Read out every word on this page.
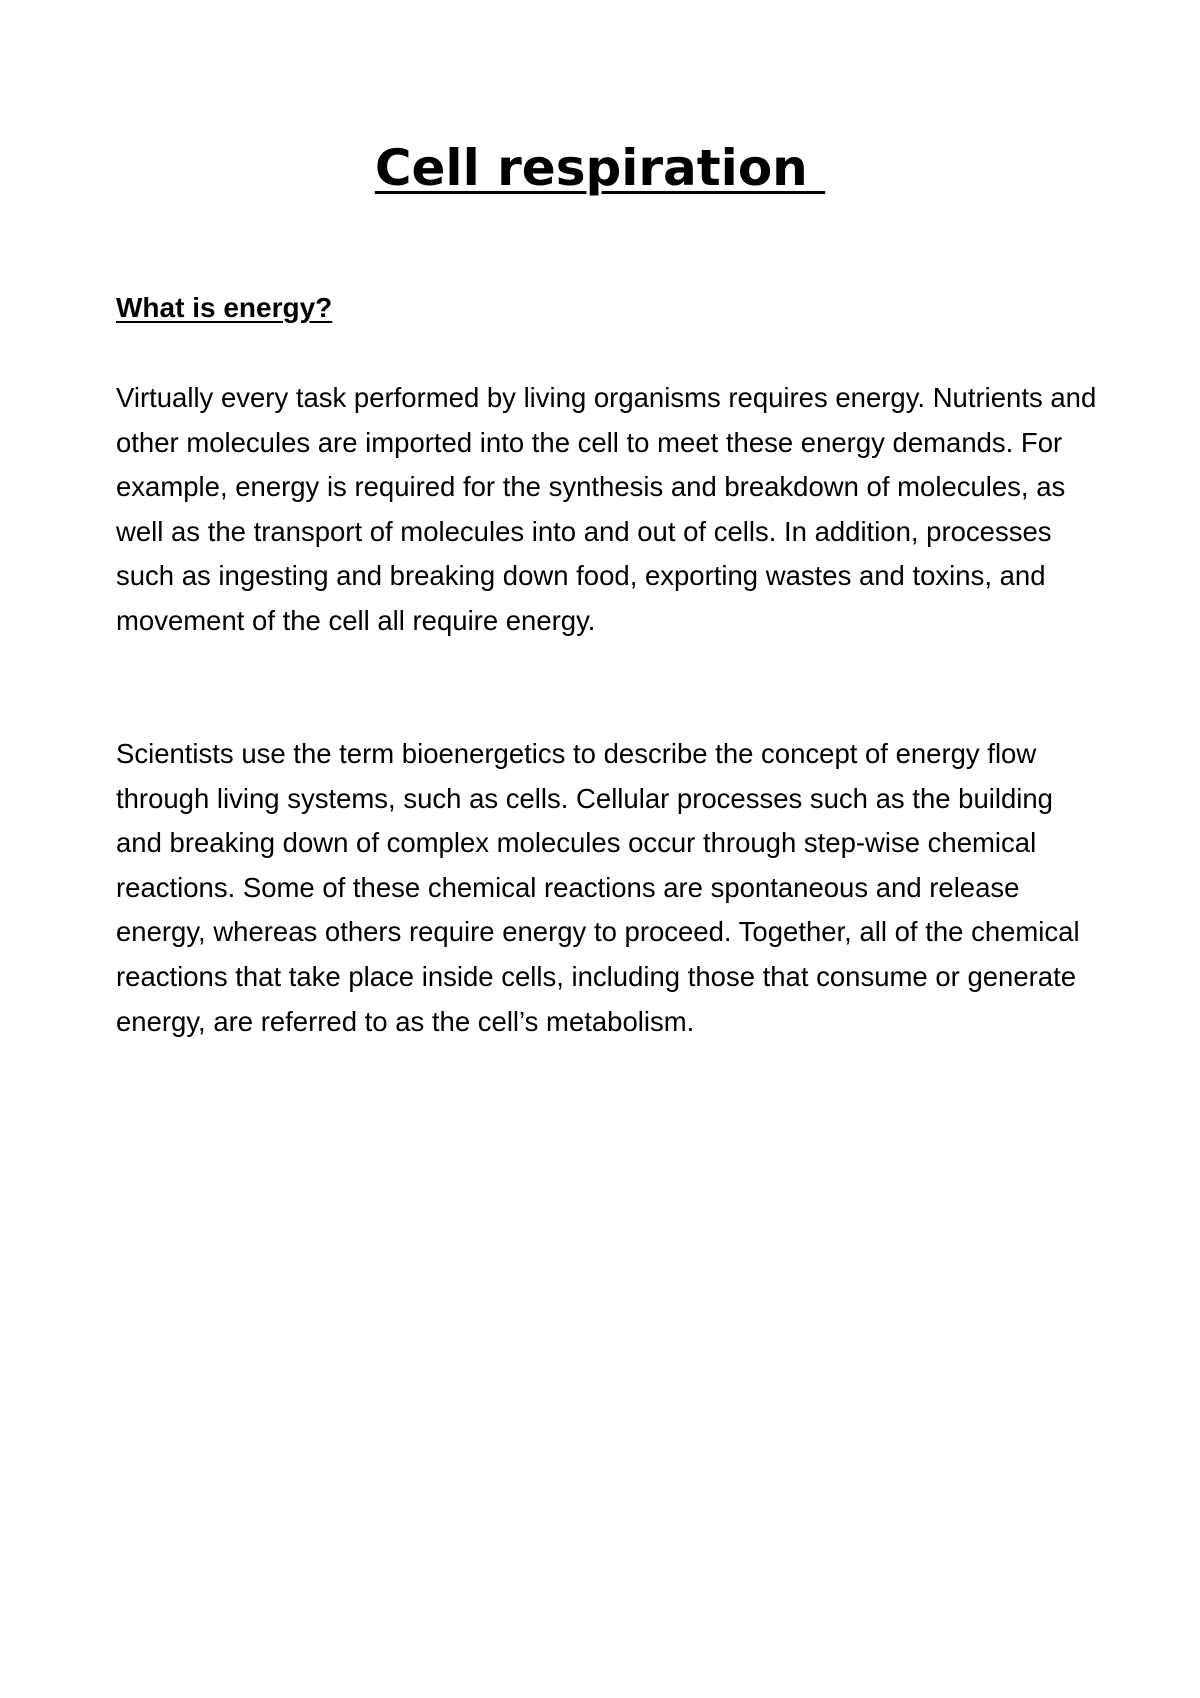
Cell respiration
What is energy?

Virtually every task performed by living organisms requires energy. Nutrients and other molecules are imported into the cell to meet these energy demands. For example, energy is required for the synthesis and breakdown of molecules, as well as the transport of molecules into and out of cells. In addition, processes such as ingesting and breaking down food, exporting wastes and toxins, and movement of the cell all require energy.

Scientists use the term bioenergetics to describe the concept of energy flow through living systems, such as cells. Cellular processes such as the building and breaking down of complex molecules occur through step-wise chemical reactions. Some of these chemical reactions are spontaneous and release energy, whereas others require energy to proceed. Together, all of the chemical reactions that take place inside cells, including those that consume or generate energy, are referred to as the cell’s metabolism.
